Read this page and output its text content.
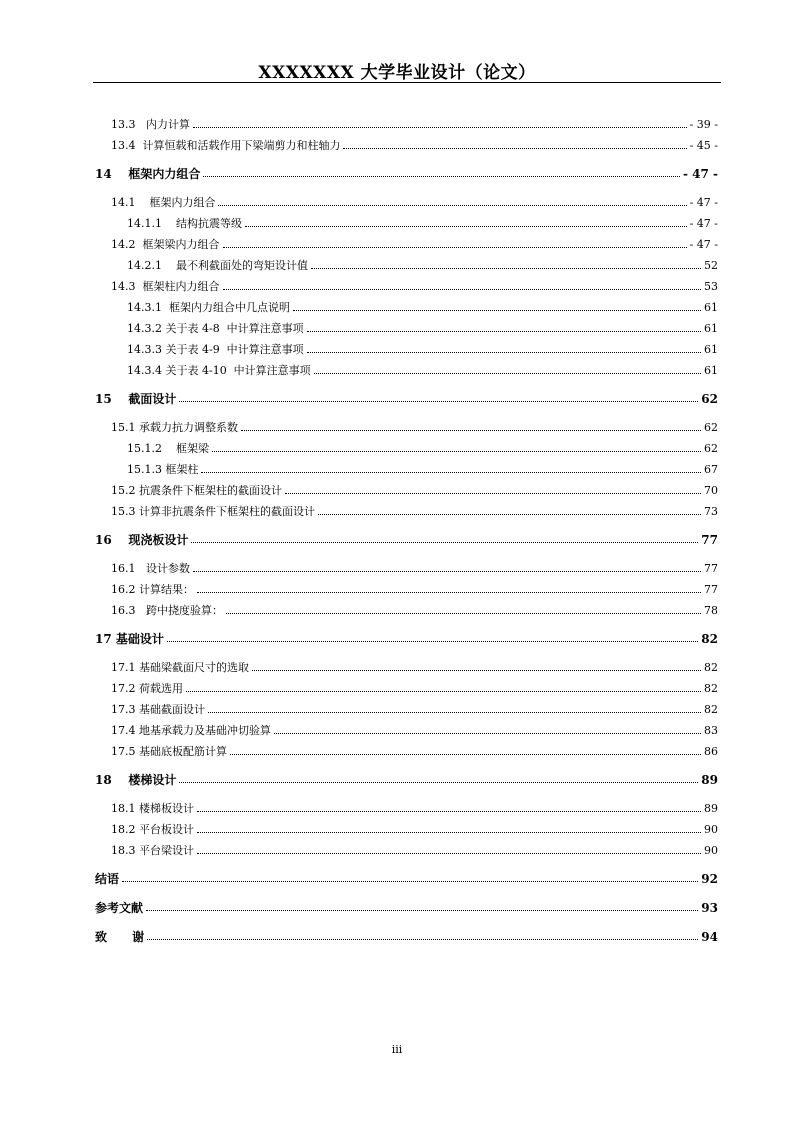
XXXXXXX 大学毕业设计（论文）
13.3   内力计算	- 39 -
13.4  计算恒载和活载作用下梁端剪力和柱轴力	- 45 -
14    框架内力组合	- 47 -
14.1    框架内力组合	- 47 -
14.1.1    结构抗震等级	- 47 -
14.2  框架梁内力组合	- 47 -
14.2.1    最不利截面处的弯矩设计值	52
14.3  框架柱内力组合	53
14.3.1  框架内力组合中几点说明	61
14.3.2 关于表 4-8  中计算注意事项	61
14.3.3 关于表 4-9  中计算注意事项	61
14.3.4 关于表 4-10  中计算注意事项	61
15    截面设计	62
15.1 承载力抗力调整系数	62
15.1.2    框架梁	62
15.1.3 框架柱	67
15.2 抗震条件下框架柱的截面设计	70
15.3 计算非抗震条件下框架柱的截面设计	73
16    现浇板设计	77
16.1   设计参数	77
16.2 计算结果：	77
16.3   跨中挠度验算：	78
17 基础设计	82
17.1 基础梁截面尺寸的选取	82
17.2 荷载选用	82
17.3 基础截面设计	82
17.4 地基承载力及基础冲切验算	83
17.5 基础底板配筋计算	86
18    楼梯设计	89
18.1 楼梯板设计	89
18.2 平台板设计	90
18.3 平台梁设计	90
结语	92
参考文献	93
致      谢	94
iii
